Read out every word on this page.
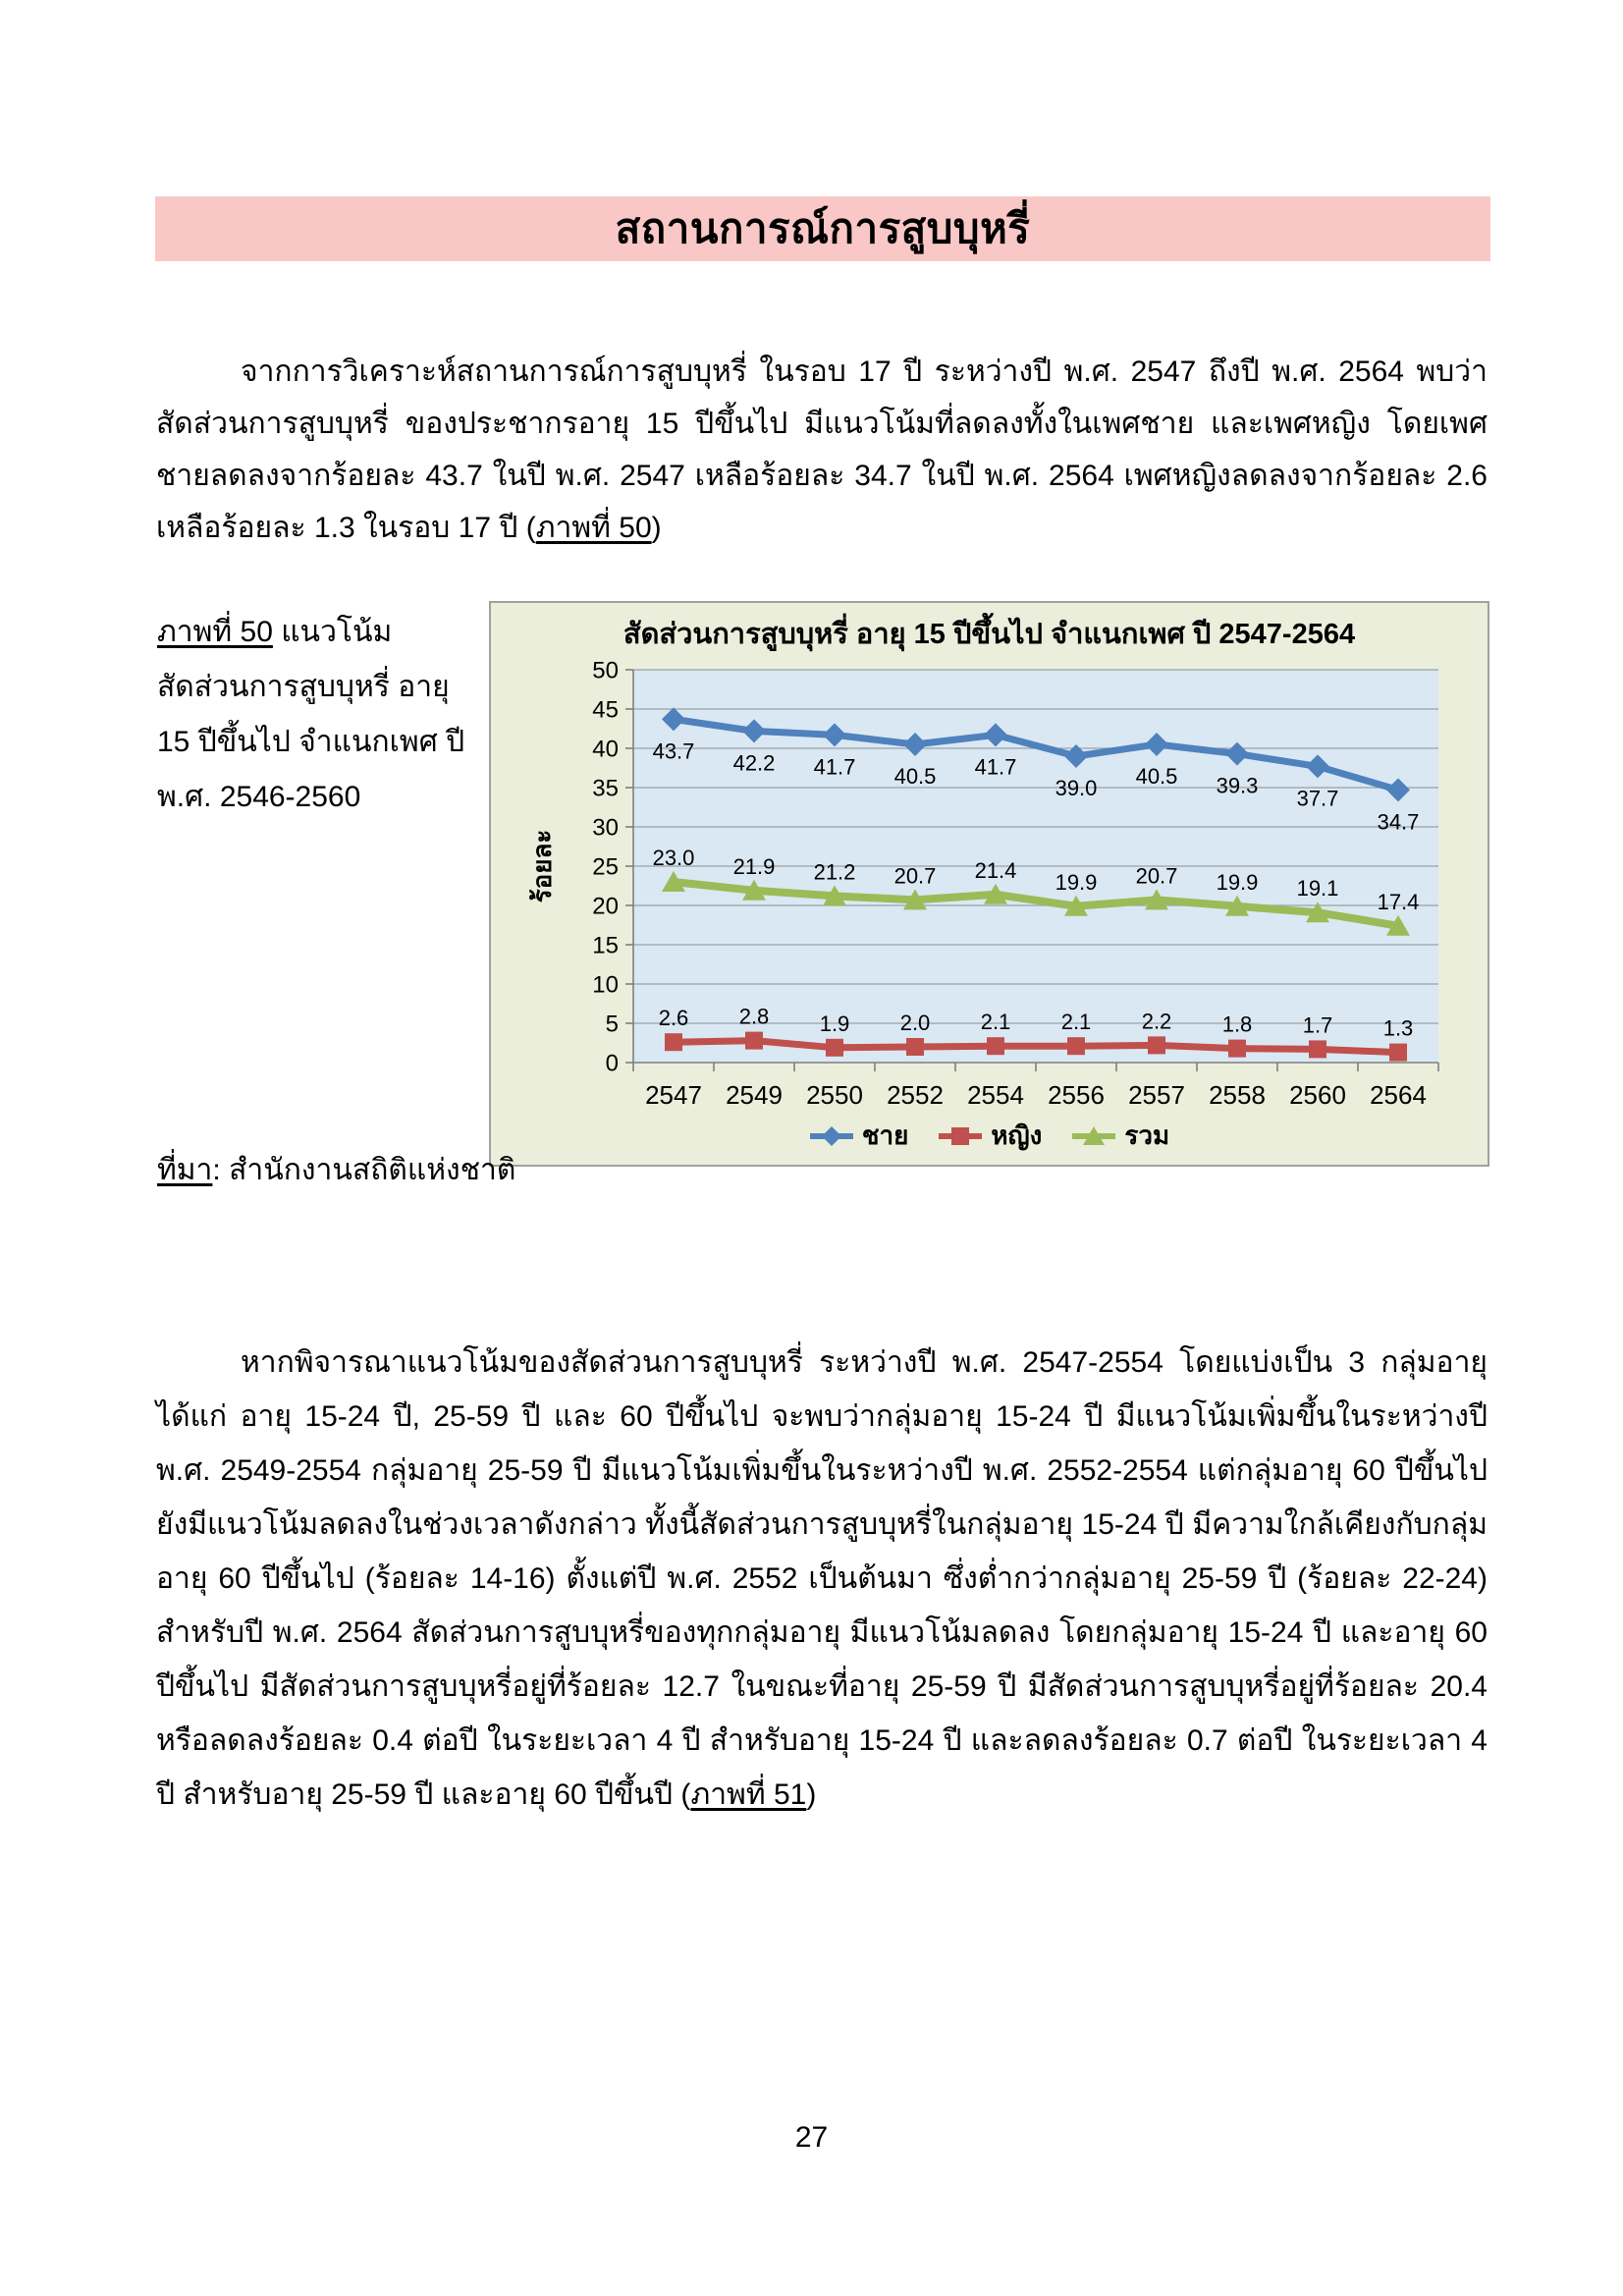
สถานการณ์การสูบบุหรี่

จากการวิเคราะห์สถานการณ์การสูบบุหรี่ ในรอบ 17 ปี ระหว่างปี พ.ศ. 2547 ถึงปี พ.ศ. 2564 พบว่าสัดส่วนการสูบบุหรี่ ของประชากรอายุ 15 ปีขึ้นไป มีแนวโน้มที่ลดลงทั้งในเพศชาย และเพศหญิง โดยเพศชายลดลงจากร้อยละ 43.7 ในปี พ.ศ. 2547 เหลือร้อยละ 34.7 ในปี พ.ศ. 2564 เพศหญิงลดลงจากร้อยละ 2.6 เหลือร้อยละ 1.3 ในรอบ 17 ปี (ภาพที่ 50)

ภาพที่ 50 แนวโน้มสัดส่วนการสูบบุหรี่ อายุ 15 ปีขึ้นไป จำแนกเพศ ปี พ.ศ. 2546-2560
สัดส่วนการสูบบุหรี่ อายุ 15 ปีขึ้นไป จำแนกเพศ ปี 2547-2564
ร้อยละ
0
5
10
15
20
25
30
35
40
45
50
2547 2549 2550 2552 2554 2556 2557 2558 2560 2564
43.7 42.2 41.7 40.5 41.7
39.0 40.5 39.3
37.7
34.7
2.6 2.8 1.9 2.0 2.1 2.1 2.2 1.8 1.7 1.3
23.0 21.9 21.2 20.7 21.4 19.9 20.7 19.9 19.1
17.4
ชาย	หญิง	รวม
ที่มา: สำนักงานสถิติแห่งชาติ

หากพิจารณาแนวโน้มของสัดส่วนการสูบบุหรี่ ระหว่างปี พ.ศ. 2547-2554 โดยแบ่งเป็น 3 กลุ่มอายุ ได้แก่ อายุ 15-24 ปี, 25-59 ปี และ 60 ปีขึ้นไป จะพบว่ากลุ่มอายุ 15-24 ปี มีแนวโน้มเพิ่มขึ้นในระหว่างปี พ.ศ. 2549-2554 กลุ่มอายุ 25-59 ปี มีแนวโน้มเพิ่มขึ้นในระหว่างปี พ.ศ. 2552-2554 แต่กลุ่มอายุ 60 ปีขึ้นไป ยังมีแนวโน้มลดลงในช่วงเวลาดังกล่าว ทั้งนี้สัดส่วนการสูบบุหรี่ในกลุ่มอายุ 15-24 ปี มีความใกล้เคียงกับกลุ่มอายุ 60 ปีขึ้นไป (ร้อยละ 14-16) ตั้งแต่ปี พ.ศ. 2552 เป็นต้นมา ซึ่งต่ำกว่ากลุ่มอายุ 25-59 ปี (ร้อยละ 22-24) สำหรับปี พ.ศ. 2564 สัดส่วนการสูบบุหรี่ของทุกกลุ่มอายุ มีแนวโน้มลดลง โดยกลุ่มอายุ 15-24 ปี และอายุ 60 ปีขึ้นไป มีสัดส่วนการสูบบุหรี่อยู่ที่ร้อยละ 12.7 ในขณะที่อายุ 25-59 ปี มีสัดส่วนการสูบบุหรี่อยู่ที่ร้อยละ 20.4 หรือลดลงร้อยละ 0.4 ต่อปี ในระยะเวลา 4 ปี สำหรับอายุ 15-24 ปี และลดลงร้อยละ 0.7 ต่อปี ในระยะเวลา 4 ปี สำหรับอายุ 25-59 ปี และอายุ 60 ปีขึ้นปี (ภาพที่ 51)

27
